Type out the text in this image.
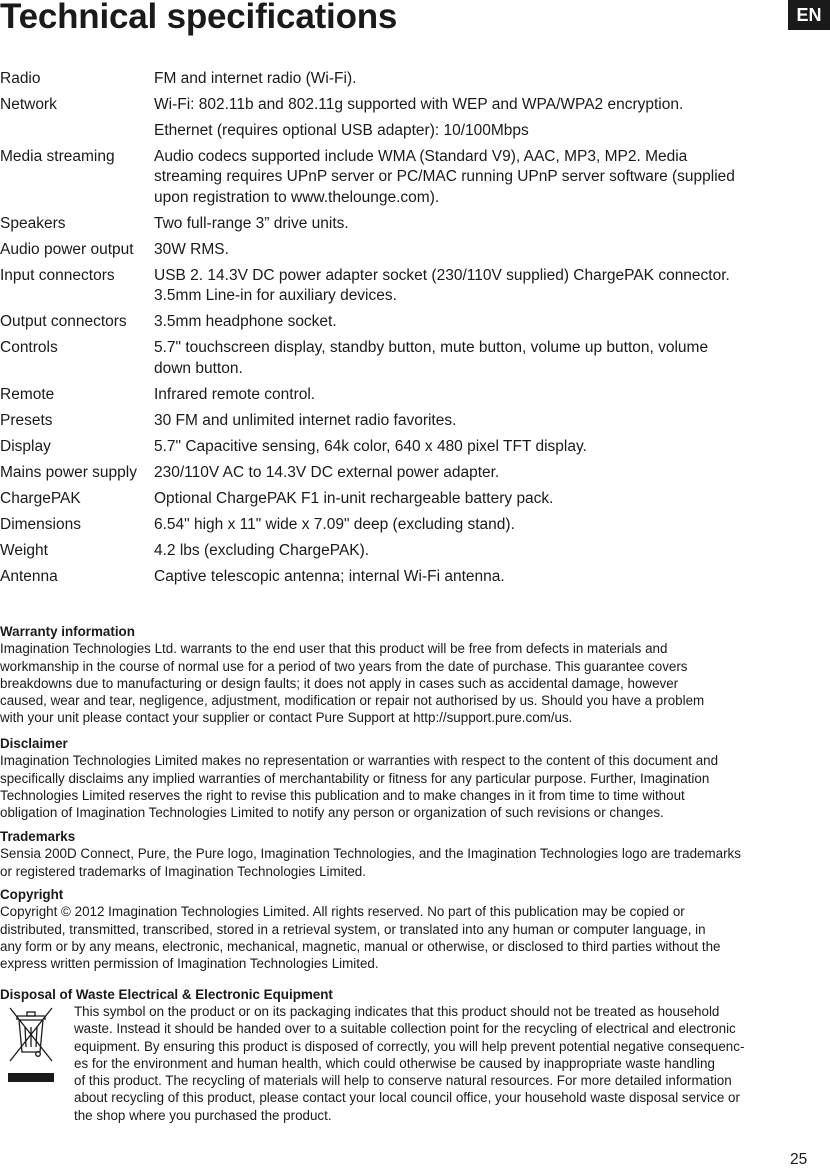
Technical specifications	EN
Radio	FM and internet radio (Wi-Fi).
Network	Wi-Fi: 802.11b and 802.11g supported with WEP and WPA/WPA2 encryption.
Ethernet (requires optional USB adapter): 10/100Mbps
Media streaming	Audio codecs supported include WMA (Standard V9), AAC, MP3, MP2. Media
streaming requires UPnP server or PC/MAC running UPnP server software (supplied
upon registration to www.thelounge.com).
Speakers	Two full-range 3” drive units.
Audio power output	30W RMS.
Input connectors	USB 2. 14.3V DC power adapter socket (230/110V supplied) ChargePAK connector.
3.5mm Line-in for auxiliary devices.
Output connectors	3.5mm headphone socket.
Controls	5.7" touchscreen display, standby button, mute button, volume up button, volume
down button.
Remote	Infrared remote control.
Presets	30 FM and unlimited internet radio favorites.
Display	5.7" Capacitive sensing, 64k color, 640 x 480 pixel TFT display.
Mains power supply	230/110V AC to 14.3V DC external power adapter.
ChargePAK	Optional ChargePAK F1 in-unit rechargeable battery pack.
Dimensions	6.54" high x 11" wide x 7.09" deep (excluding stand).
Weight	4.2 lbs (excluding ChargePAK).
Antenna	Captive telescopic antenna; internal Wi-Fi antenna.
Warranty information
Imagination Technologies Ltd. warrants to the end user that this product will be free from defects in materials and
workmanship in the course of normal use for a period of two years from the date of purchase. This guarantee covers
breakdowns due to manufacturing or design faults; it does not apply in cases such as accidental damage, however
caused, wear and tear, negligence, adjustment, modification or repair not authorised by us. Should you have a problem
with your unit please contact your supplier or contact Pure Support at http://support.pure.com/us.
Disclaimer
Imagination Technologies Limited makes no representation or warranties with respect to the content of this document and
specifically disclaims any implied warranties of merchantability or fitness for any particular purpose. Further, Imagination
Technologies Limited reserves the right to revise this publication and to make changes in it from time to time without
obligation of Imagination Technologies Limited to notify any person or organization of such revisions or changes.
Trademarks
Sensia 200D Connect, Pure, the Pure logo, Imagination Technologies, and the Imagination Technologies logo are trademarks
or registered trademarks of Imagination Technologies Limited.
Copyright
Copyright © 2012 Imagination Technologies Limited. All rights reserved. No part of this publication may be copied or
distributed, transmitted, transcribed, stored in a retrieval system, or translated into any human or computer language, in
any form or by any means, electronic, mechanical, magnetic, manual or otherwise, or disclosed to third parties without the
express written permission of Imagination Technologies Limited.
Disposal of Waste Electrical & Electronic Equipment
This symbol on the product or on its packaging indicates that this product should not be treated as household
waste. Instead it should be handed over to a suitable collection point for the recycling of electrical and electronic
equipment. By ensuring this product is disposed of correctly, you will help prevent potential negative consequenc-
es for the environment and human health, which could otherwise be caused by inappropriate waste handling
of this product. The recycling of materials will help to conserve natural resources. For more detailed information
about recycling of this product, please contact your local council office, your household waste disposal service or
the shop where you purchased the product.
25
